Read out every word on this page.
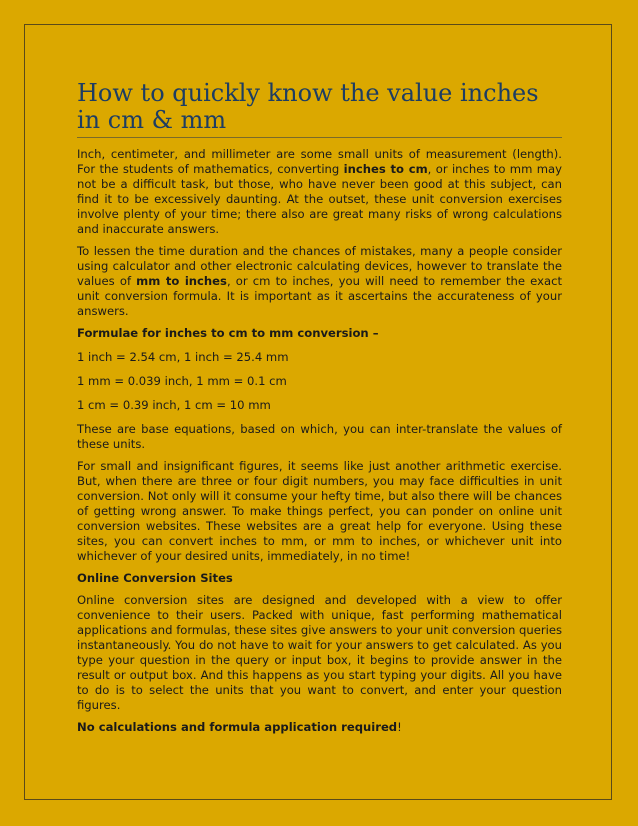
How to quickly know the value inches in cm & mm

Inch, centimeter, and millimeter are some small units of measurement (length). For the students of mathematics, converting inches to cm, or inches to mm may not be a difficult task, but those, who have never been good at this subject, can find it to be excessively daunting. At the outset, these unit conversion exercises involve plenty of your time; there also are great many risks of wrong calculations and inaccurate answers.

To lessen the time duration and the chances of mistakes, many a people consider using calculator and other electronic calculating devices, however to translate the values of mm to inches, or cm to inches, you will need to remember the exact unit conversion formula. It is important as it ascertains the accurateness of your answers.

Formulae for inches to cm to mm conversion –

1 inch = 2.54 cm, 1 inch = 25.4 mm

1 mm = 0.039 inch, 1 mm = 0.1 cm

1 cm = 0.39 inch, 1 cm = 10 mm

These are base equations, based on which, you can inter-translate the values of these units.

For small and insignificant figures, it seems like just another arithmetic exercise. But, when there are three or four digit numbers, you may face difficulties in unit conversion. Not only will it consume your hefty time, but also there will be chances of getting wrong answer. To make things perfect, you can ponder on online unit conversion websites. These websites are a great help for everyone. Using these sites, you can convert inches to mm, or mm to inches, or whichever unit into whichever of your desired units, immediately, in no time!

Online Conversion Sites

Online conversion sites are designed and developed with a view to offer convenience to their users. Packed with unique, fast performing mathematical applications and formulas, these sites give answers to your unit conversion queries instantaneously. You do not have to wait for your answers to get calculated. As you type your question in the query or input box, it begins to provide answer in the result or output box. And this happens as you start typing your digits. All you have to do is to select the units that you want to convert, and enter your question figures.

No calculations and formula application required!
